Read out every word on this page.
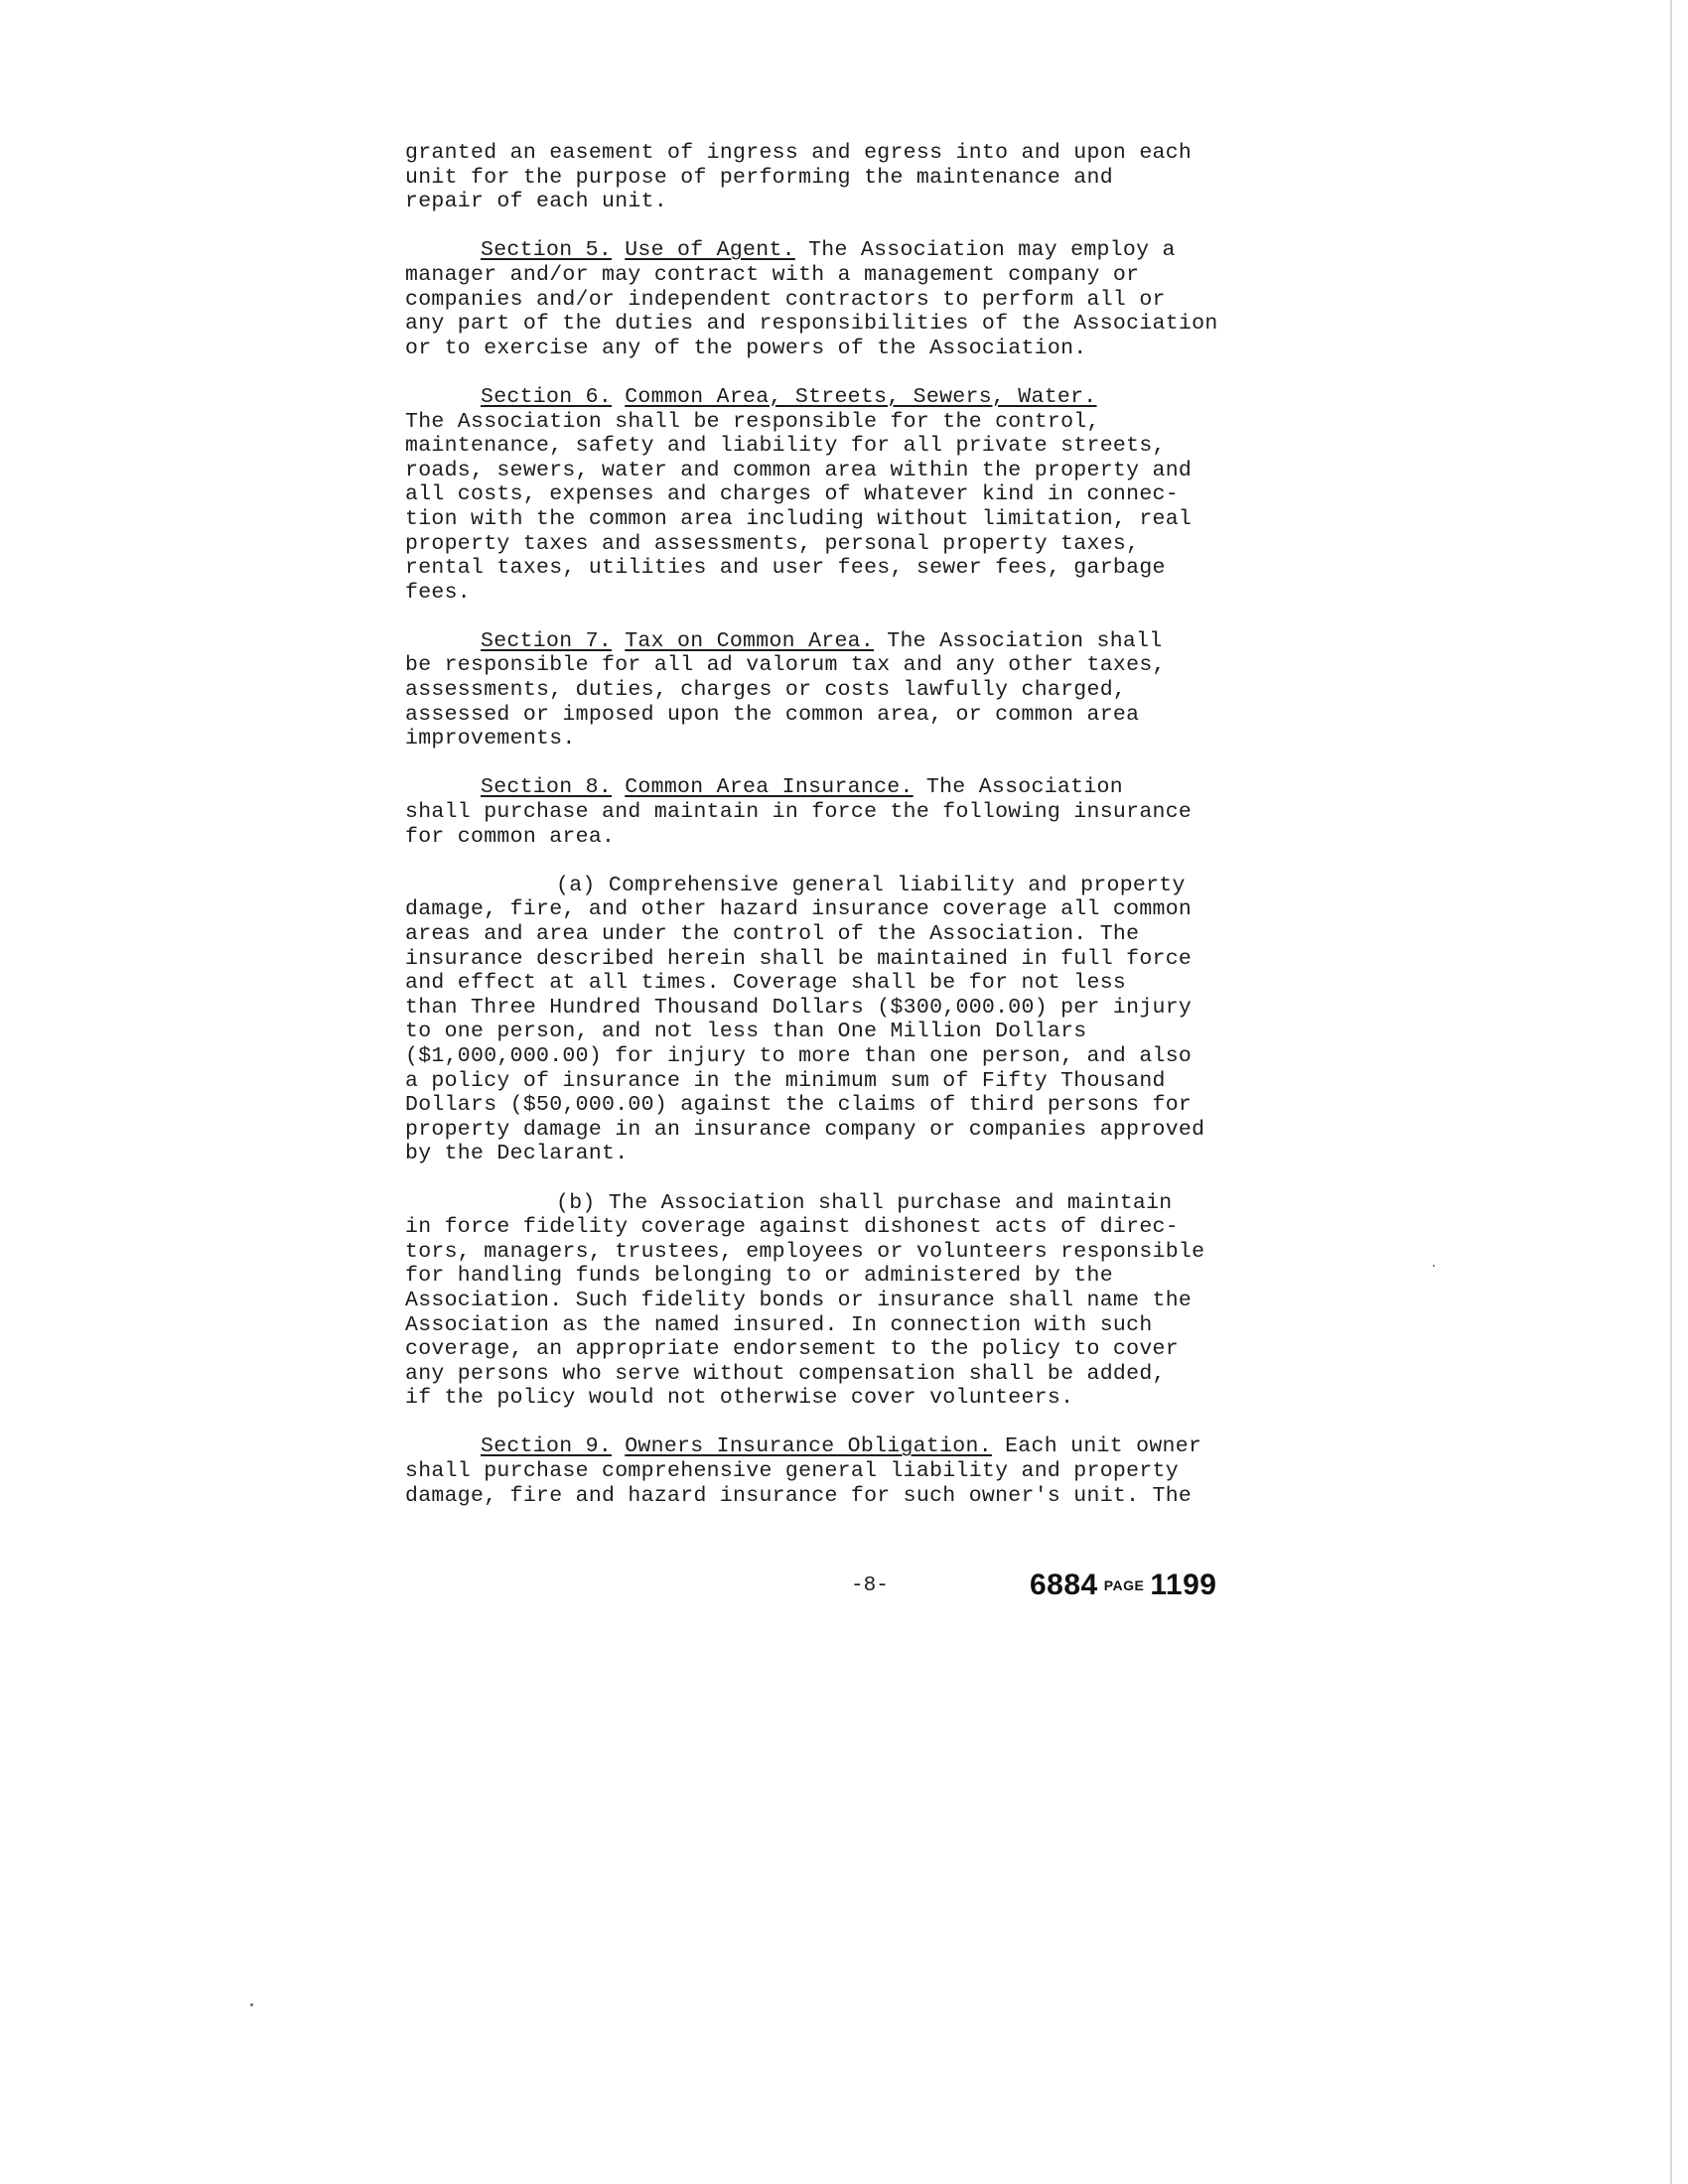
granted an easement of ingress and egress into and upon each
unit for the purpose of performing the maintenance and
repair of each unit.

Section 5. Use of Agent. The Association may employ a
manager and/or may contract with a management company or
companies and/or independent contractors to perform all or
any part of the duties and responsibilities of the Association
or to exercise any of the powers of the Association.

Section 6. Common Area, Streets, Sewers, Water.
The Association shall be responsible for the control,
maintenance, safety and liability for all private streets,
roads, sewers, water and common area within the property and
all costs, expenses and charges of whatever kind in connec-
tion with the common area including without limitation, real
property taxes and assessments, personal property taxes,
rental taxes, utilities and user fees, sewer fees, garbage
fees.

Section 7. Tax on Common Area. The Association shall
be responsible for all ad valorum tax and any other taxes,
assessments, duties, charges or costs lawfully charged,
assessed or imposed upon the common area, or common area
improvements.

Section 8. Common Area Insurance. The Association
shall purchase and maintain in force the following insurance
for common area.

(a) Comprehensive general liability and property
damage, fire, and other hazard insurance coverage all common
areas and area under the control of the Association. The
insurance described herein shall be maintained in full force
and effect at all times. Coverage shall be for not less
than Three Hundred Thousand Dollars ($300,000.00) per injury
to one person, and not less than One Million Dollars
($1,000,000.00) for injury to more than one person, and also
a policy of insurance in the minimum sum of Fifty Thousand
Dollars ($50,000.00) against the claims of third persons for
property damage in an insurance company or companies approved
by the Declarant.

(b) The Association shall purchase and maintain
in force fidelity coverage against dishonest acts of direc-
tors, managers, trustees, employees or volunteers responsible
for handling funds belonging to or administered by the
Association. Such fidelity bonds or insurance shall name the
Association as the named insured. In connection with such
coverage, an appropriate endorsement to the policy to cover
any persons who serve without compensation shall be added,
if the policy would not otherwise cover volunteers.

Section 9. Owners Insurance Obligation. Each unit owner
shall purchase comprehensive general liability and property
damage, fire and hazard insurance for such owner's unit. The

-8-	6884 PAGE 1199
